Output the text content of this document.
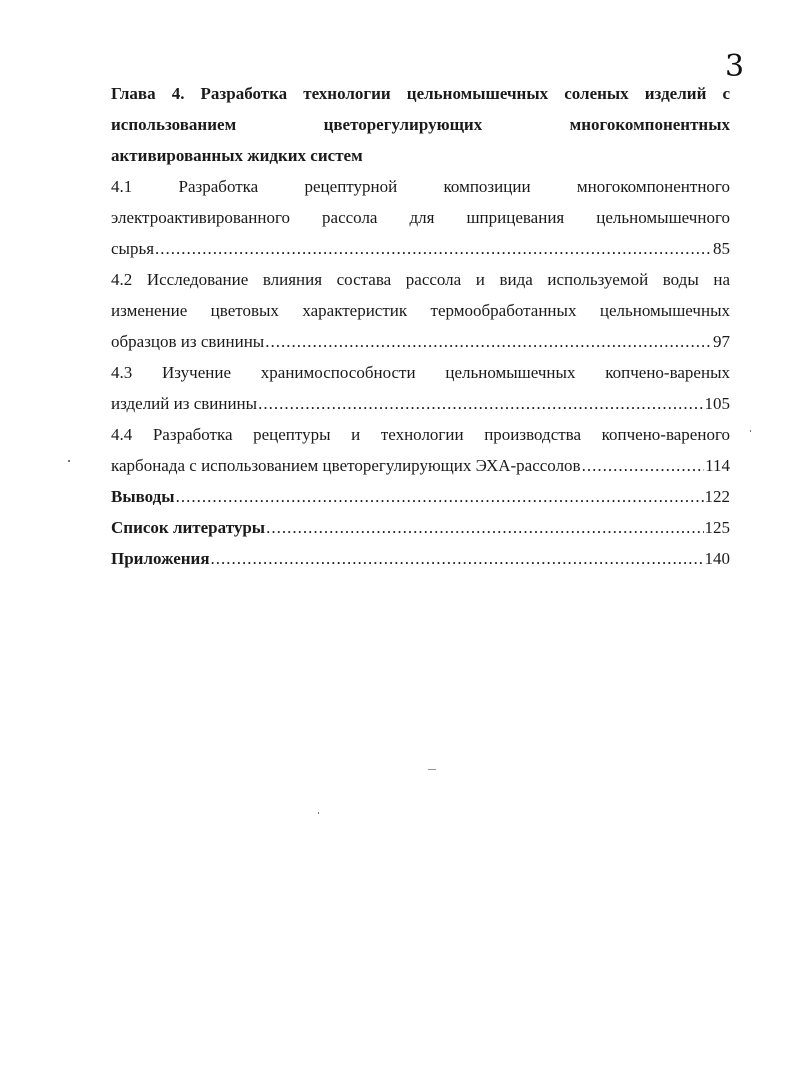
3
Глава 4. Разработка технологии цельномышечных соленых изделий с
использованием цветорегулирующих многокомпонентных
активированных жидких систем
4.1 Разработка рецептурной композиции многокомпонентного
электроактивированного рассола для шприцевания цельномышечного
сырья .....	85
4.2 Исследование влияния состава рассола и вида используемой воды на
изменение цветовых характеристик термообработанных цельномышечных
образцов из свинины .....	97
4.3 Изучение хранимоспособности цельномышечных копчено-вареных
изделий из свинины .....	105
4.4 Разработка рецептуры и технологии производства копчено-вареного
карбонада с использованием цветорегулирующих ЭХА-рассолов .....	114
Выводы .....	122
Список литературы .....	125
Приложения .....	140
